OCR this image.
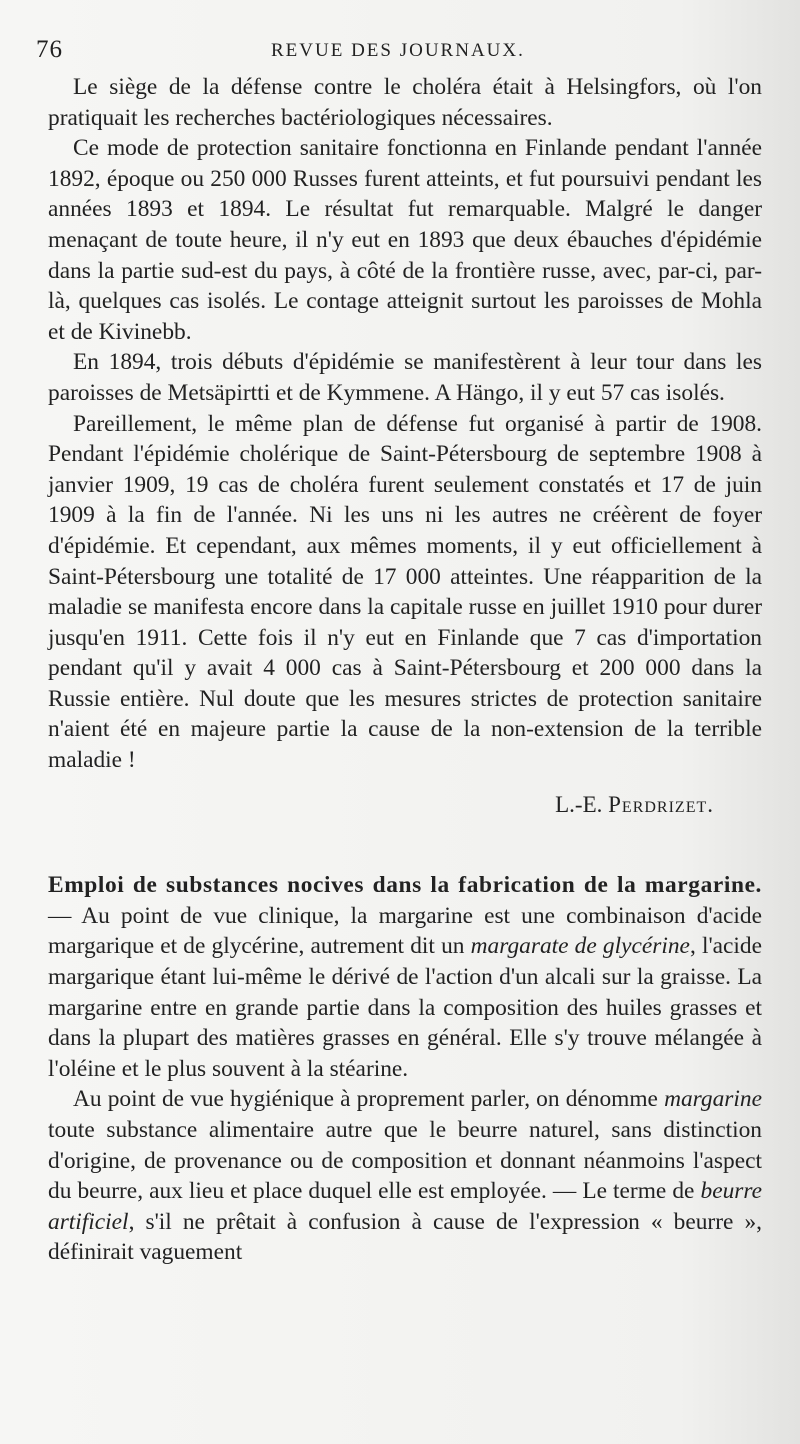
76	REVUE DES JOURNAUX.

Le siège de la défense contre le choléra était à Helsingfors, où l'on pratiquait les recherches bactériologiques nécessaires.

Ce mode de protection sanitaire fonctionna en Finlande pendant l'année 1892, époque ou 250 000 Russes furent atteints, et fut poursuivi pendant les années 1893 et 1894. Le résultat fut remarquable. Malgré le danger menaçant de toute heure, il n'y eut en 1893 que deux ébauches d'épidémie dans la partie sud-est du pays, à côté de la frontière russe, avec, par-ci, par-là, quelques cas isolés. Le contage atteignit surtout les paroisses de Mohla et de Kivinebb.

En 1894, trois débuts d'épidémie se manifestèrent à leur tour dans les paroisses de Metsäpirtti et de Kymmene. A Hängo, il y eut 57 cas isolés.

Pareillement, le même plan de défense fut organisé à partir de 1908. Pendant l'épidémie cholérique de Saint-Pétersbourg de septembre 1908 à janvier 1909, 19 cas de choléra furent seulement constatés et 17 de juin 1909 à la fin de l'année. Ni les uns ni les autres ne créèrent de foyer d'épidémie. Et cependant, aux mêmes moments, il y eut officiellement à Saint-Pétersbourg une totalité de 17 000 atteintes. Une réapparition de la maladie se manifesta encore dans la capitale russe en juillet 1910 pour durer jusqu'en 1911. Cette fois il n'y eut en Finlande que 7 cas d'importation pendant qu'il y avait 4 000 cas à Saint-Pétersbourg et 200 000 dans la Russie entière. Nul doute que les mesures strictes de protection sanitaire n'aient été en majeure partie la cause de la non-extension de la terrible maladie !

L.-E. Perdrizet.

Emploi de substances nocives dans la fabrication de la margarine. — Au point de vue clinique, la margarine est une combinaison d'acide margarique et de glycérine, autrement dit un margarate de glycérine, l'acide margarique étant lui-même le dérivé de l'action d'un alcali sur la graisse. La margarine entre en grande partie dans la composition des huiles grasses et dans la plupart des matières grasses en général. Elle s'y trouve mélangée à l'oléine et le plus souvent à la stéarine.

Au point de vue hygiénique à proprement parler, on dénomme margarine toute substance alimentaire autre que le beurre naturel, sans distinction d'origine, de provenance ou de composition et donnant néanmoins l'aspect du beurre, aux lieu et place duquel elle est employée. — Le terme de beurre artificiel, s'il ne prêtait à confusion à cause de l'expression « beurre », définirait vaguement
